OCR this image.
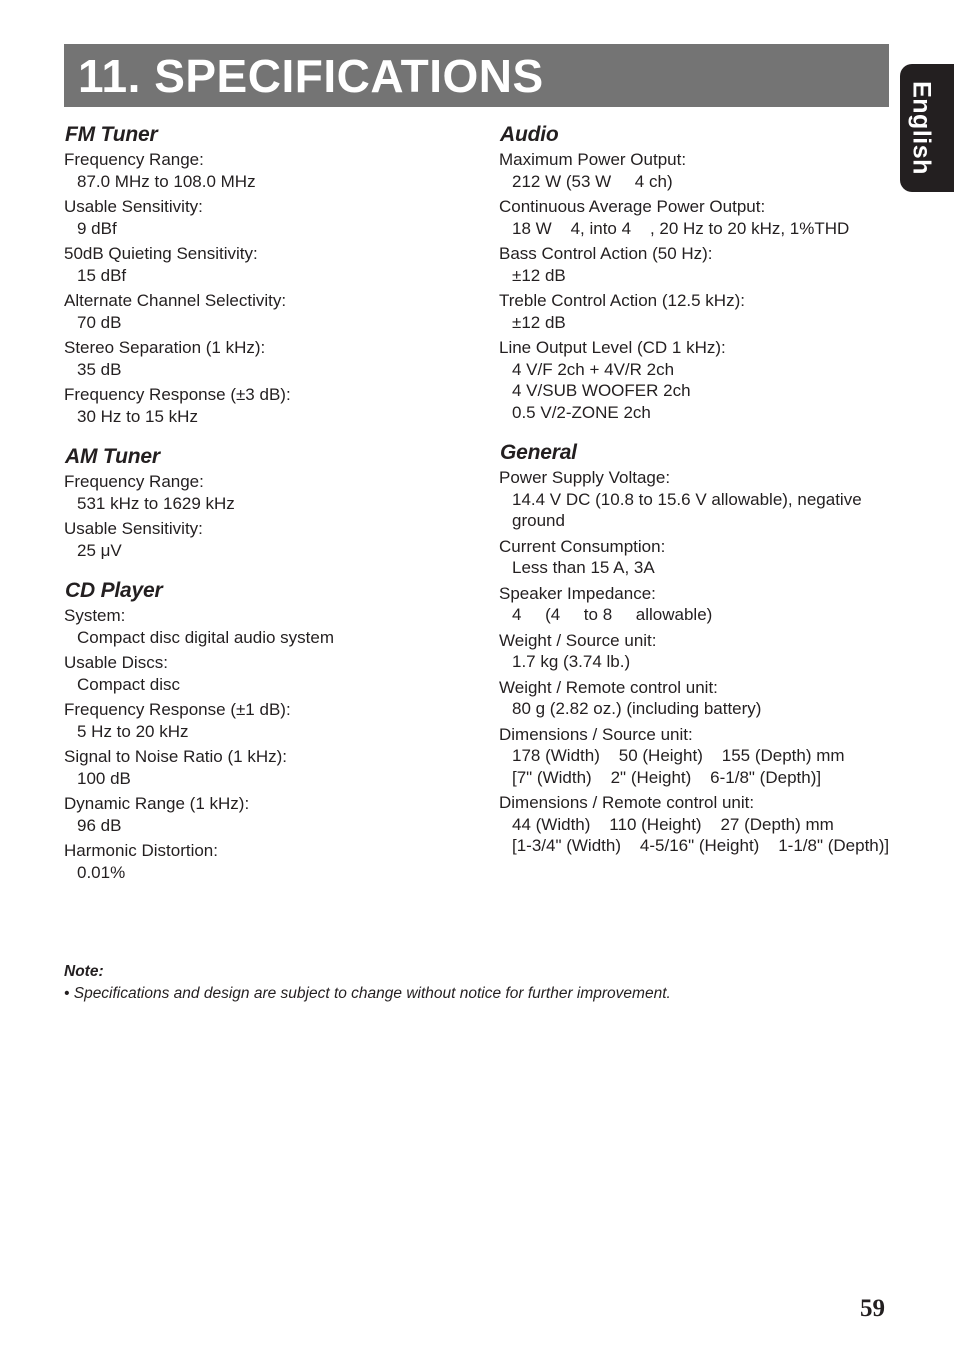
11. SPECIFICATIONS
English
FM Tuner
Frequency Range:
87.0 MHz to 108.0 MHz
Usable Sensitivity:
9 dBf
50dB Quieting Sensitivity:
15 dBf
Alternate Channel Selectivity:
70 dB
Stereo Separation (1 kHz):
35 dB
Frequency Response (±3 dB):
30 Hz to 15 kHz
AM Tuner
Frequency Range:
531 kHz to 1629 kHz
Usable Sensitivity:
25 μV
CD Player
System:
Compact disc digital audio system
Usable Discs:
Compact disc
Frequency Response (±1 dB):
5 Hz to 20 kHz
Signal to Noise Ratio (1 kHz):
100 dB
Dynamic Range (1 kHz):
96 dB
Harmonic Distortion:
0.01%
Audio
Maximum Power Output:
212 W (53 W     4 ch)
Continuous Average Power Output:
18 W    4, into 4    , 20 Hz to 20 kHz, 1%THD
Bass Control Action (50 Hz):
±12 dB
Treble Control Action (12.5 kHz):
±12 dB
Line Output Level (CD 1 kHz):
4 V/F 2ch + 4V/R 2ch
4 V/SUB WOOFER 2ch
0.5 V/2-ZONE 2ch
General
Power Supply Voltage:
14.4 V DC (10.8 to 15.6 V allowable), negative ground
Current Consumption:
Less than 15 A, 3A
Speaker Impedance:
4     (4     to 8     allowable)
Weight / Source unit:
1.7 kg (3.74 lb.)
Weight / Remote control unit:
80 g (2.82 oz.) (including battery)
Dimensions / Source unit:
178 (Width)    50 (Height)    155 (Depth) mm
[7" (Width)    2" (Height)    6-1/8" (Depth)]
Dimensions / Remote control unit:
44 (Width)    110 (Height)    27 (Depth) mm
[1-3/4" (Width)    4-5/16" (Height)    1-1/8" (Depth)]
Note:
• Specifications and design are subject to change without notice for further improvement.
59
